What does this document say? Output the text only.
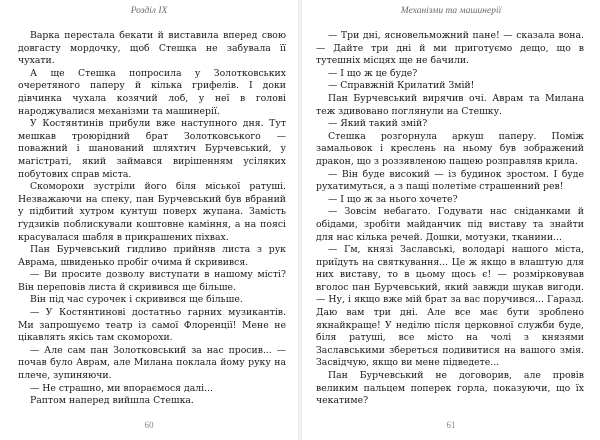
Розділ IX

Варка перестала бекати й виставила вперед свою довгасту мордочку, щоб Стешка не забувала її чухати.

А ще Стешка попросила у Золотковських очеретяного паперу й кілька грифелів. І доки дівчинка чухала козячий лоб, у неї в голові народжувалися механізми та машинерії.

У Костянтинів прибули вже наступного дня. Тут мешкав троюрідний брат Золотковського — поважний і шанований шляхтич Бурчевський, у магістраті, який займався вирішенням усіляких побутових справ міста.

Скоморохи зустріли його біля міської ратуші. Незважаючи на спеку, пан Бурчевський був вбраний у підбитий хутром кунтуш поверх жупана. Замість ґудзиків поблискували коштовне каміння, а на поясі красувалася шабля в прикрашених піхвах.

Пан Бурчевський гидливо прийняв листа з рук Аврама, швиденько пробіг очима й скривився.

— Ви просите дозволу виступати в нашому місті? Він переповів листа й скривився ще більше.

Він під час сурочек і скривився ще більше.

— У Костянтинові достатньо гарних музикантів. Ми запрошуємо театр із самої Флоренції! Мене не цікавлять якісь там скоморохи.

— Але сам пан Золотковський за нас просив... — почав було Аврам, але Милана поклала йому руку на плече, зупиняючи.

— Не страшно, ми впораємося далі...

Раптом наперед вийшла Стешка.

60
Механізми та машинерії

— Три дні, ясновельможний пане! — сказала вона. — Дайте три дні й ми приготуємо дещо, що в тутешніх місцях ще не бачили.

— І що ж це буде?

— Справжній Крилатий Змій!

Пан Бурчевський вирячив очі. Аврам та Милана теж здивовано поглянули на Стешку.

— Який такий змій?

Стешка розгорнула аркуш паперу. Поміж замальовок і креслень на ньому був зображений дракон, що з роззявленою пащею розправляв крила.

— Він буде високий — із будинок зростом. І буде рухатимуться, а з пащі полетіме страшенний рев!

— І що ж за нього хочете?

— Зовсім небагато. Годувати нас сніданками й обідами, зробіти майданчик під виставу та знайти для нас кілька речей. Дошки, мотузки, тканини...

— Гм, князі Заславські, володарі нашого міста, приїдуть на святкування... Це ж якщо в влаштую для них виставу, то в цьому щось є! — розмірковував вголос пан Бурчевський, який завжди шукав вигоди. — Ну, і якщо вже мій брат за вас поручився... Гаразд. Даю вам три дні. Але все має бути зроблено якнайкраще! У неділю після церковної служби буде, біля ратуші, все місто на чолі з князями Заславськими збереться подивитися на вашого змія. Засвідчую, якщо ви мене підведете...

Пан Бурчевський не договорив, але провів великим пальцем поперек горла, показуючи, що їх чекатиме?

61
